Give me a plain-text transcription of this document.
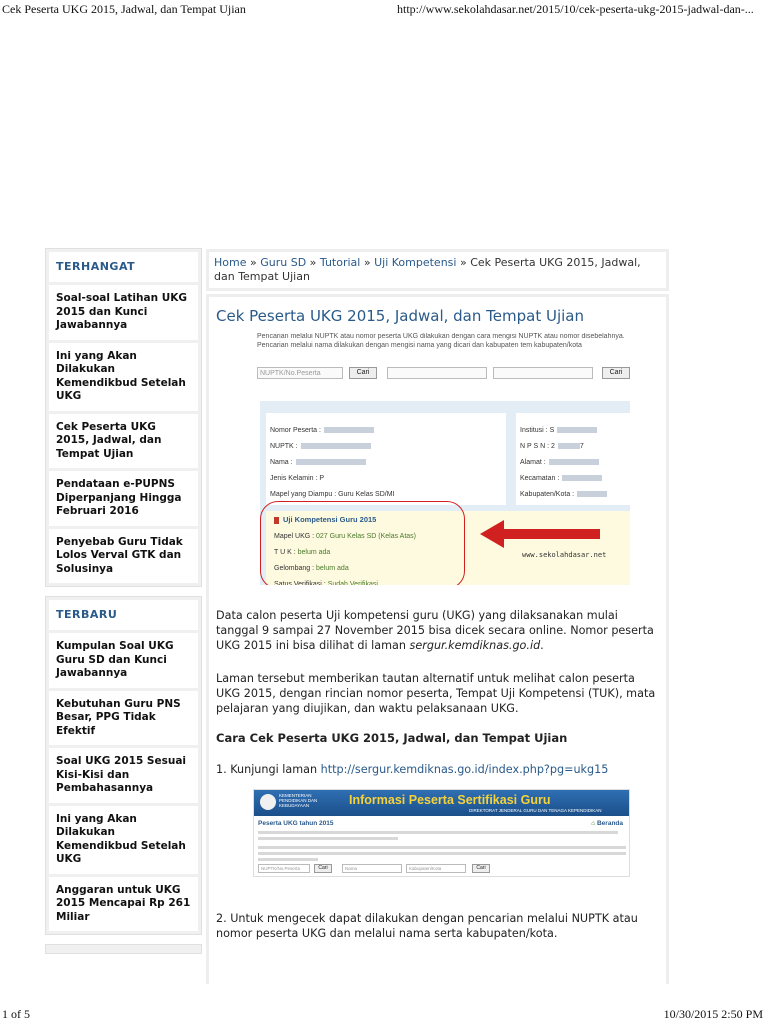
Cek Peserta UKG 2015, Jadwal, dan Tempat Ujian	http://www.sekolahdasar.net/2015/10/cek-peserta-ukg-2015-jadwal-dan-...
TERHANGAT
Soal-soal Latihan UKG 2015 dan Kunci Jawabannya
Ini yang Akan Dilakukan Kemendikbud Setelah UKG
Cek Peserta UKG 2015, Jadwal, dan Tempat Ujian
Pendataan e-PUPNS Diperpanjang Hingga Februari 2016
Penyebab Guru Tidak Lolos Verval GTK dan Solusinya
TERBARU
Kumpulan Soal UKG Guru SD dan Kunci Jawabannya
Kebutuhan Guru PNS Besar, PPG Tidak Efektif
Soal UKG 2015 Sesuai Kisi-Kisi dan Pembahasannya
Ini yang Akan Dilakukan Kemendikbud Setelah UKG
Anggaran untuk UKG 2015 Mencapai Rp 261 Miliar
Home » Guru SD » Tutorial » Uji Kompetensi » Cek Peserta UKG 2015, Jadwal, dan Tempat Ujian
Cek Peserta UKG 2015, Jadwal, dan Tempat Ujian
Pencarian melalui NUPTK atau nomor peserta UKG dilakukan dengan cara mengisi NUPTK atau nomor disebelahnya. Pencarian melalui nama dilakukan dengan mengisi nama yang dicari dan kabupaten tem kabupaten/kota
NUPTK/No.Peserta	Cari	Cari
Nomor Peserta :
NUPTK :
Nama :
Jenis Kelamin : P
Mapel yang Diampu : Guru Kelas SD/MI
Institusi : S
N P S N : 2	7
Alamat :
Kecamatan :
Kabupaten/Kota :
Uji Kompetensi Guru 2015
Mapel UKG : 027 Guru Kelas SD (Kelas Atas)
T U K : belum ada
Gelombang : belum ada
Satus Verifikasi : Sudah Verifikasi
www.sekolahdasar.net
Data calon peserta Uji kompetensi guru (UKG) yang dilaksanakan mulai tanggal 9 sampai 27 November 2015 bisa dicek secara online. Nomor peserta UKG 2015 ini bisa dilihat di laman sergur.kemdiknas.go.id.
Laman tersebut memberikan tautan alternatif untuk melihat calon peserta UKG 2015, dengan rincian nomor peserta, Tempat Uji Kompetensi (TUK), mata pelajaran yang diujikan, dan waktu pelaksanaan UKG.
Cara Cek Peserta UKG 2015, Jadwal, dan Tempat Ujian
1. Kunjungi laman http://sergur.kemdiknas.go.id/index.php?pg=ukg15
KEMENTERIAN PENDIDIKAN DAN KEBUDAYAAN	Informasi Peserta Sertifikasi Guru
DIREKTORAT JENDERAL GURU DAN TENAGA KEPENDIDIKAN
Peserta UKG tahun 2015	⌂ Beranda
NUPTK/No.Peserta	Cari	Nama	Kabupaten/Kota	Cari
2. Untuk mengecek dapat dilakukan dengan pencarian melalui NUPTK atau nomor peserta UKG dan melalui nama serta kabupaten/kota.
1 of 5	10/30/2015 2:50 PM
